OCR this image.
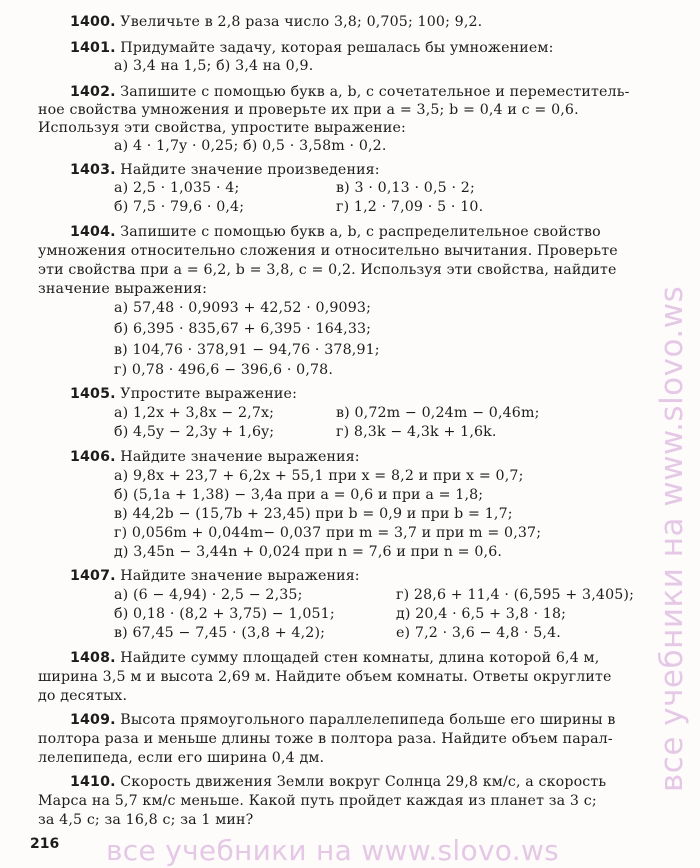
1400. Увеличьте в 2,8 раза число 3,8; 0,705; 100; 9,2.
1401. Придумайте задачу, которая решалась бы умножением:
а) 3,4 на 1,5; б) 3,4 на 0,9.
1402. Запишите с помощью букв a, b, c сочетательное и переместитель-
ное свойства умножения и проверьте их при a = 3,5; b = 0,4 и c = 0,6.
Используя эти свойства, упростите выражение:
а) 4 · 1,7y · 0,25; б) 0,5 · 3,58m · 0,2.
1403. Найдите значение произведения:
а) 2,5 · 1,035 · 4;	в) 3 · 0,13 · 0,5 · 2;
б) 7,5 · 79,6 · 0,4;	г) 1,2 · 7,09 · 5 · 10.
1404. Запишите с помощью букв a, b, c распределительное свойство
умножения относительно сложения и относительно вычитания. Проверьте
эти свойства при a = 6,2, b = 3,8, c = 0,2. Используя эти свойства, найдите
значение выражения:
а) 57,48 · 0,9093 + 42,52 · 0,9093;
б) 6,395 · 835,67 + 6,395 · 164,33;
в) 104,76 · 378,91 − 94,76 · 378,91;
г) 0,78 · 496,6 − 396,6 · 0,78.
1405. Упростите выражение:
а) 1,2x + 3,8x − 2,7x;	в) 0,72m − 0,24m − 0,46m;
б) 4,5y − 2,3y + 1,6y;	г) 8,3k − 4,3k + 1,6k.
1406. Найдите значение выражения:
а) 9,8x + 23,7 + 6,2x + 55,1 при x = 8,2 и при x = 0,7;
б) (5,1a + 1,38) − 3,4a при a = 0,6 и при a = 1,8;
в) 44,2b − (15,7b + 23,45) при b = 0,9 и при b = 1,7;
г) 0,056m + 0,044m− 0,037 при m = 3,7 и при m = 0,37;
д) 3,45n − 3,44n + 0,024 при n = 7,6 и при n = 0,6.
1407. Найдите значение выражения:
а) (6 − 4,94) · 2,5 − 2,35;	г) 28,6 + 11,4 · (6,595 + 3,405);
б) 0,18 · (8,2 + 3,75) − 1,051;	д) 20,4 · 6,5 + 3,8 · 18;
в) 67,45 − 7,45 · (3,8 + 4,2);	е) 7,2 · 3,6 − 4,8 · 5,4.
1408. Найдите сумму площадей стен комнаты, длина которой 6,4 м,
ширина 3,5 м и высота 2,69 м. Найдите объем комнаты. Ответы округлите
до десятых.
1409. Высота прямоугольного параллелепипеда больше его ширины в
полтора раза и меньше длины тоже в полтора раза. Найдите объем парал-
лелепипеда, если его ширина 0,4 дм.
1410. Скорость движения Земли вокруг Солнца 29,8 км/с, а скорость
Марса на 5,7 км/с меньше. Какой путь пройдет каждая из планет за 3 с;
за 4,5 с; за 16,8 с; за 1 мин?
216
все учебники на www.slovo.ws
все учебники на www.slovo.ws
